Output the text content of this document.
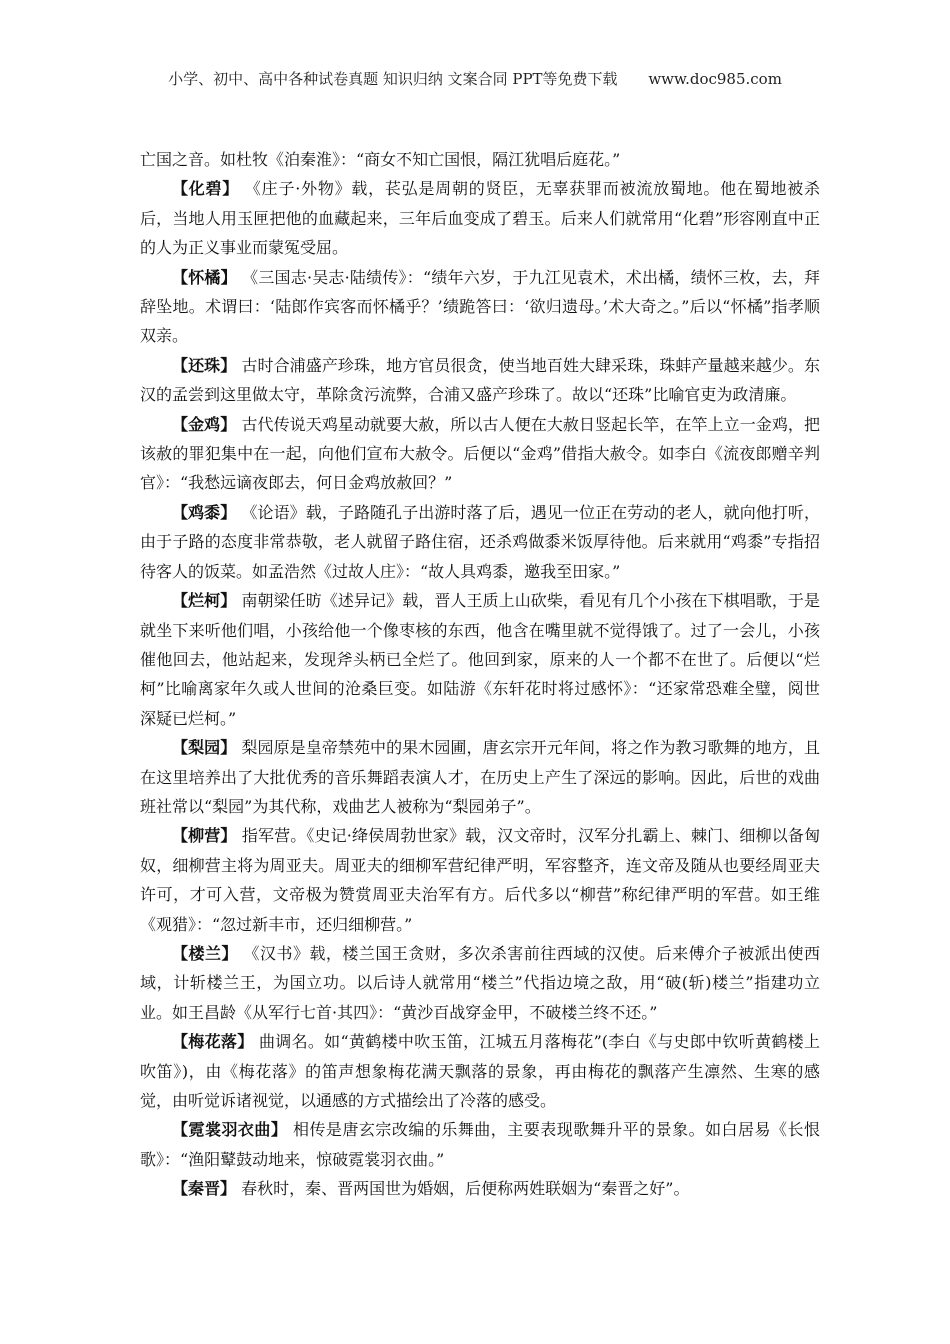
小学、初中、高中各种试卷真题 知识归纳 文案合同 PPT等免费下载 www.doc985.com

亡国之音。如杜牧《泊秦淮》：“商女不知亡国恨，隔江犹唱后庭花。”

【化碧】 《庄子·外物》载，苌弘是周朝的贤臣，无辜获罪而被流放蜀地。他在蜀地被杀后，当地人用玉匣把他的血藏起来，三年后血变成了碧玉。后来人们就常用“化碧”形容刚直中正的人为正义事业而蒙冤受屈。

【怀橘】 《三国志·吴志·陆绩传》：“绩年六岁，于九江见袁术，术出橘，绩怀三枚，去，拜辞坠地。术谓曰：‘陆郎作宾客而怀橘乎？’绩跪答曰：‘欲归遗母。’术大奇之。”后以“怀橘”指孝顺双亲。

【还珠】 古时合浦盛产珍珠，地方官员很贪，使当地百姓大肆采珠，珠蚌产量越来越少。东汉的孟尝到这里做太守，革除贪污流弊，合浦又盛产珍珠了。故以“还珠”比喻官吏为政清廉。

【金鸡】 古代传说天鸡星动就要大赦，所以古人便在大赦日竖起长竿，在竿上立一金鸡，把该赦的罪犯集中在一起，向他们宣布大赦令。后便以“金鸡”借指大赦令。如李白《流夜郎赠辛判官》：“我愁远谪夜郎去，何日金鸡放赦回？”

【鸡黍】 《论语》载，子路随孔子出游时落了后，遇见一位正在劳动的老人，就向他打听，由于子路的态度非常恭敬，老人就留子路住宿，还杀鸡做黍米饭厚待他。后来就用“鸡黍”专指招待客人的饭菜。如孟浩然《过故人庄》：“故人具鸡黍，邀我至田家。”

【烂柯】 南朝梁任昉《述异记》载，晋人王质上山砍柴，看见有几个小孩在下棋唱歌，于是就坐下来听他们唱，小孩给他一个像枣核的东西，他含在嘴里就不觉得饿了。过了一会儿，小孩催他回去，他站起来，发现斧头柄已全烂了。他回到家，原来的人一个都不在世了。后便以“烂柯”比喻离家年久或人世间的沧桑巨变。如陆游《东轩花时将过感怀》：“还家常恐难全璧，阅世深疑已烂柯。”

【梨园】 梨园原是皇帝禁苑中的果木园圃，唐玄宗开元年间，将之作为教习歌舞的地方，且在这里培养出了大批优秀的音乐舞蹈表演人才，在历史上产生了深远的影响。因此，后世的戏曲班社常以“梨园”为其代称，戏曲艺人被称为“梨园弟子”。

【柳营】 指军营。《史记·绛侯周勃世家》载，汉文帝时，汉军分扎霸上、棘门、细柳以备匈奴，细柳营主将为周亚夫。周亚夫的细柳军营纪律严明，军容整齐，连文帝及随从也要经周亚夫许可，才可入营，文帝极为赞赏周亚夫治军有方。后代多以“柳营”称纪律严明的军营。如王维《观猎》：“忽过新丰市，还归细柳营。”

【楼兰】 《汉书》载，楼兰国王贪财，多次杀害前往西域的汉使。后来傅介子被派出使西域，计斩楼兰王，为国立功。以后诗人就常用“楼兰”代指边境之敌，用“破(斩)楼兰”指建功立业。如王昌龄《从军行七首·其四》：“黄沙百战穿金甲，不破楼兰终不还。”

【梅花落】 曲调名。如“黄鹤楼中吹玉笛，江城五月落梅花”(李白《与史郎中钦听黄鹤楼上吹笛》)，由《梅花落》的笛声想象梅花满天飘落的景象，再由梅花的飘落产生凛然、生寒的感觉，由听觉诉诸视觉，以通感的方式描绘出了冷落的感受。

【霓裳羽衣曲】 相传是唐玄宗改编的乐舞曲，主要表现歌舞升平的景象。如白居易《长恨歌》：“渔阳鼙鼓动地来，惊破霓裳羽衣曲。”

【秦晋】 春秋时，秦、晋两国世为婚姻，后便称两姓联姻为“秦晋之好”。
